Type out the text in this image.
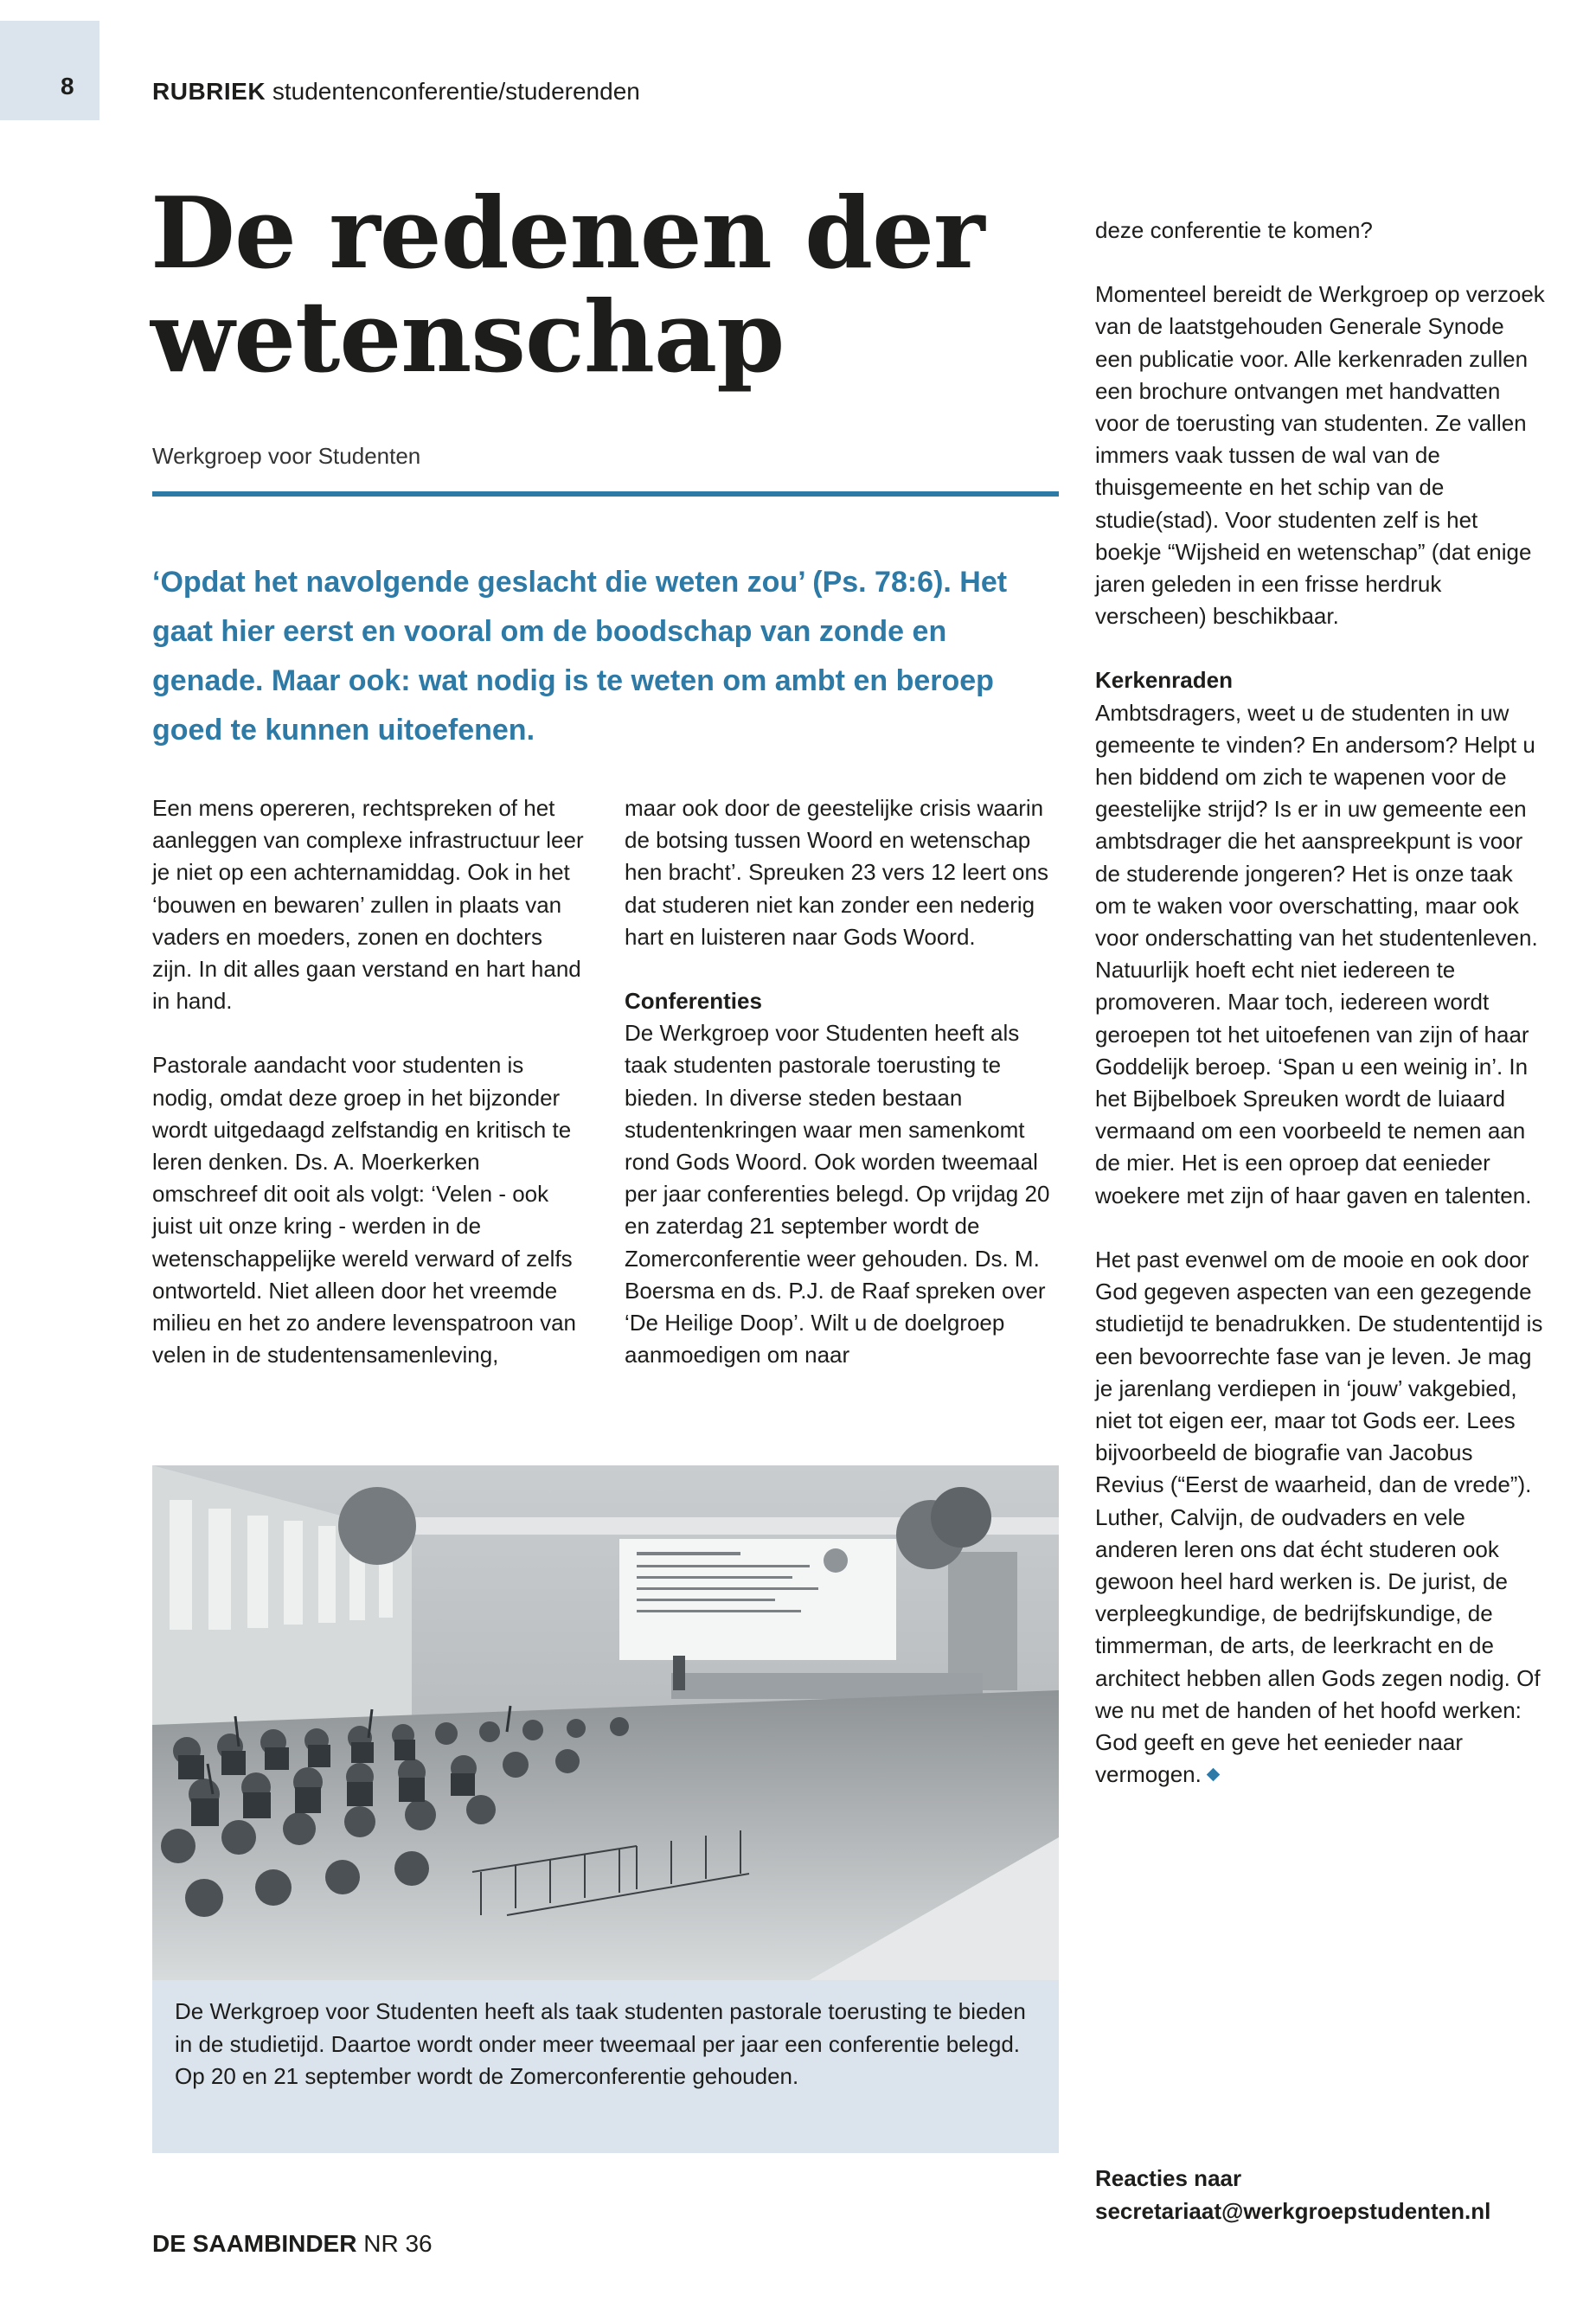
8	RUBRIEK studentenconferentie/studerenden
De redenen der
wetenschap
Werkgroep voor Studenten
‘Opdat het navolgende geslacht die weten zou’ (Ps. 78:6). Het gaat hier eerst en vooral om de boodschap van zonde en genade. Maar ook: wat nodig is te weten om ambt en beroep goed te kunnen uitoefenen.

Een mens opereren, rechtspreken of het aanleggen van complexe infrastructuur leer je niet op een achternamiddag. Ook in het ‘bouwen en bewaren’ zullen in plaats van vaders en moeders, zonen en dochters zijn. In dit alles gaan verstand en hart hand in hand.

Pastorale aandacht voor studenten is nodig, omdat deze groep in het bijzonder wordt uitgedaagd zelfstandig en kritisch te leren denken. Ds. A. Moerkerken omschreef dit ooit als volgt: ‘Velen - ook juist uit onze kring - werden in de wetenschappelijke wereld verward of zelfs ontworteld. Niet alleen door het vreemde milieu en het zo andere levenspatroon van velen in de studentensamenleving,

maar ook door de geestelijke crisis waarin de botsing tussen Woord en wetenschap hen bracht’. Spreuken 23 vers 12 leert ons dat studeren niet kan zonder een nederig hart en luisteren naar Gods Woord.

Conferenties

De Werkgroep voor Studenten heeft als taak studenten pastorale toerusting te bieden. In diverse steden bestaan studentenkringen waar men samenkomt rond Gods Woord. Ook worden tweemaal per jaar conferenties belegd. Op vrijdag 20 en zaterdag 21 september wordt de Zomerconferentie weer gehouden. Ds. M. Boersma en ds. P.J. de Raaf spreken over ‘De Heilige Doop’. Wilt u de doelgroep aanmoedigen om naar

deze conferentie te komen?

Momenteel bereidt de Werkgroep op verzoek van de laatstgehouden Generale Synode een publicatie voor. Alle kerkenraden zullen een brochure ontvangen met handvatten voor de toerusting van studenten. Ze vallen immers vaak tussen de wal van de thuisgemeente en het schip van de studie(stad). Voor studenten zelf is het boekje “Wijsheid en wetenschap” (dat enige jaren geleden in een frisse herdruk verscheen) beschikbaar.

Kerkenraden

Ambtsdragers, weet u de studenten in uw gemeente te vinden? En andersom? Helpt u hen biddend om zich te wapenen voor de geestelijke strijd? Is er in uw gemeente een ambtsdrager die het aanspreekpunt is voor de studerende jongeren? Het is onze taak om te waken voor overschatting, maar ook voor onderschatting van het studentenleven. Natuurlijk hoeft echt niet iedereen te promoveren. Maar toch, iedereen wordt geroepen tot het uitoefenen van zijn of haar Goddelijk beroep. ‘Span u een weinig in’. In het Bijbelboek Spreuken wordt de luiaard vermaand om een voorbeeld te nemen aan de mier. Het is een oproep dat eenieder woekere met zijn of haar gaven en talenten.

Het past evenwel om de mooie en ook door God gegeven aspecten van een gezegende studietijd te benadrukken. De studententijd is een bevoorrechte fase van je leven. Je mag je jarenlang verdiepen in ‘jouw’ vakgebied, niet tot eigen eer, maar tot Gods eer. Lees bijvoorbeeld de biografie van Jacobus Revius (“Eerst de waarheid, dan de vrede”). Luther, Calvijn, de oudvaders en vele anderen leren ons dat écht studeren ook gewoon heel hard werken is. De jurist, de verpleegkundige, de bedrijfskundige, de timmerman, de arts, de leerkracht en de architect hebben allen Gods zegen nodig. Of we nu met de handen of het hoofd werken: God geeft en geve het eenieder naar vermogen.

De Werkgroep voor Studenten heeft als taak studenten pastorale toerusting te bieden in de studietijd. Daartoe wordt onder meer tweemaal per jaar een conferentie belegd. Op 20 en 21 september wordt de Zomerconferentie gehouden.
Reacties naar
secretariaat@werkgroepstudenten.nl
DE SAAMBINDER NR 36
